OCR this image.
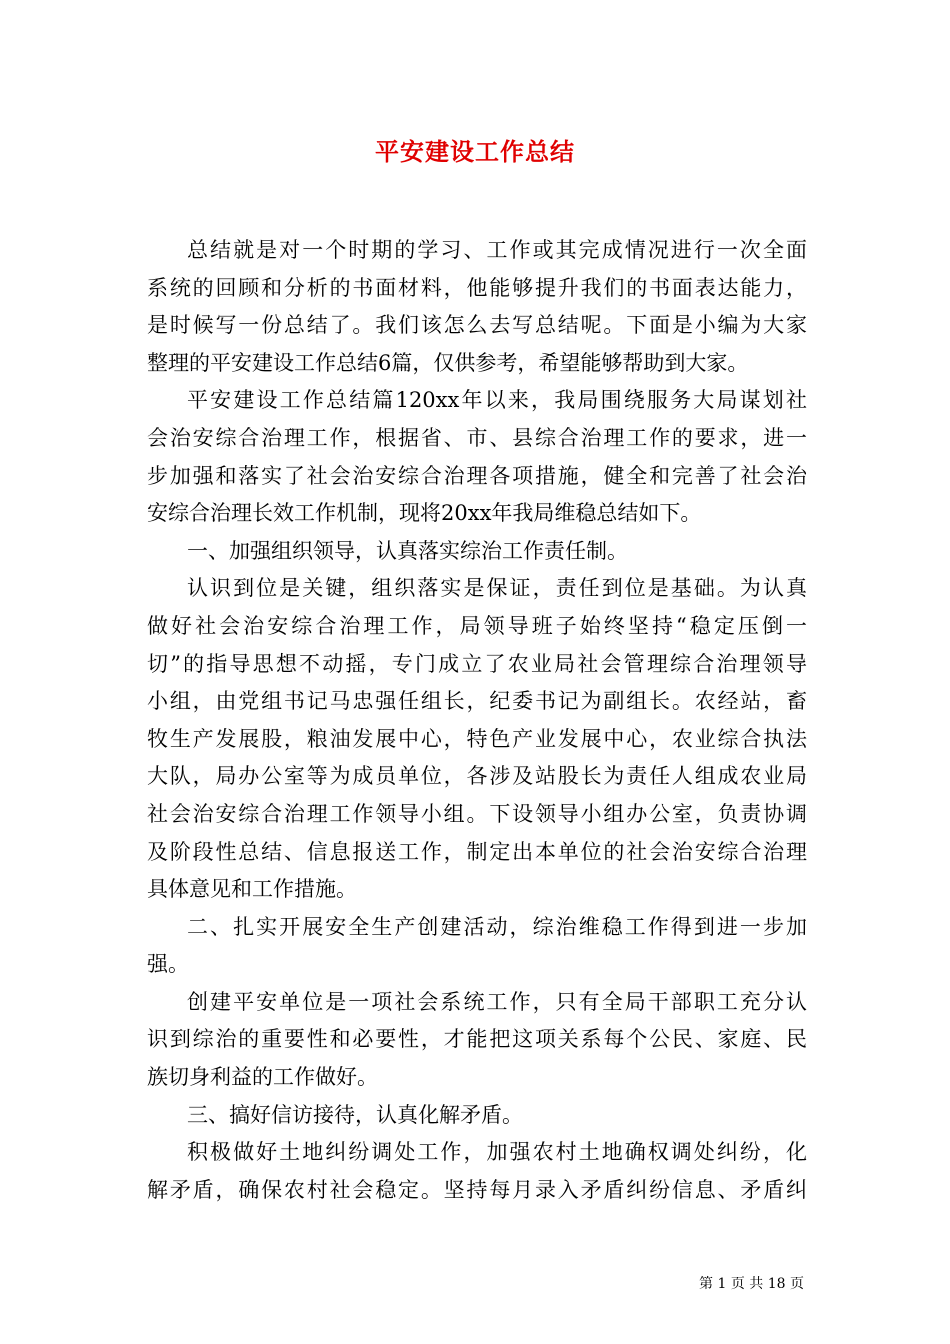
平安建设工作总结
总结就是对一个时期的学习、工作或其完成情况进行一次全面
系统的回顾和分析的书面材料，他能够提升我们的书面表达能力，
是时候写一份总结了。我们该怎么去写总结呢。下面是小编为大家
整理的平安建设工作总结6篇，仅供参考，希望能够帮助到大家。
平安建设工作总结篇120xx年以来，我局围绕服务大局谋划社
会治安综合治理工作，根据省、市、县综合治理工作的要求，进一
步加强和落实了社会治安综合治理各项措施，健全和完善了社会治
安综合治理长效工作机制，现将20xx年我局维稳总结如下。
一、加强组织领导，认真落实综治工作责任制。
认识到位是关键，组织落实是保证，责任到位是基础。为认真
做好社会治安综合治理工作，局领导班子始终坚持“稳定压倒一
切”的指导思想不动摇，专门成立了农业局社会管理综合治理领导
小组，由党组书记马忠强任组长，纪委书记为副组长。农经站，畜
牧生产发展股，粮油发展中心，特色产业发展中心，农业综合执法
大队，局办公室等为成员单位，各涉及站股长为责任人组成农业局
社会治安综合治理工作领导小组。下设领导小组办公室，负责协调
及阶段性总结、信息报送工作，制定出本单位的社会治安综合治理
具体意见和工作措施。
二、扎实开展安全生产创建活动，综治维稳工作得到进一步加
强。
创建平安单位是一项社会系统工作，只有全局干部职工充分认
识到综治的重要性和必要性，才能把这项关系每个公民、家庭、民
族切身利益的工作做好。
三、搞好信访接待，认真化解矛盾。
积极做好土地纠纷调处工作，加强农村土地确权调处纠纷，化
解矛盾，确保农村社会稳定。坚持每月录入矛盾纠纷信息、矛盾纠
第 1 页 共 18 页
